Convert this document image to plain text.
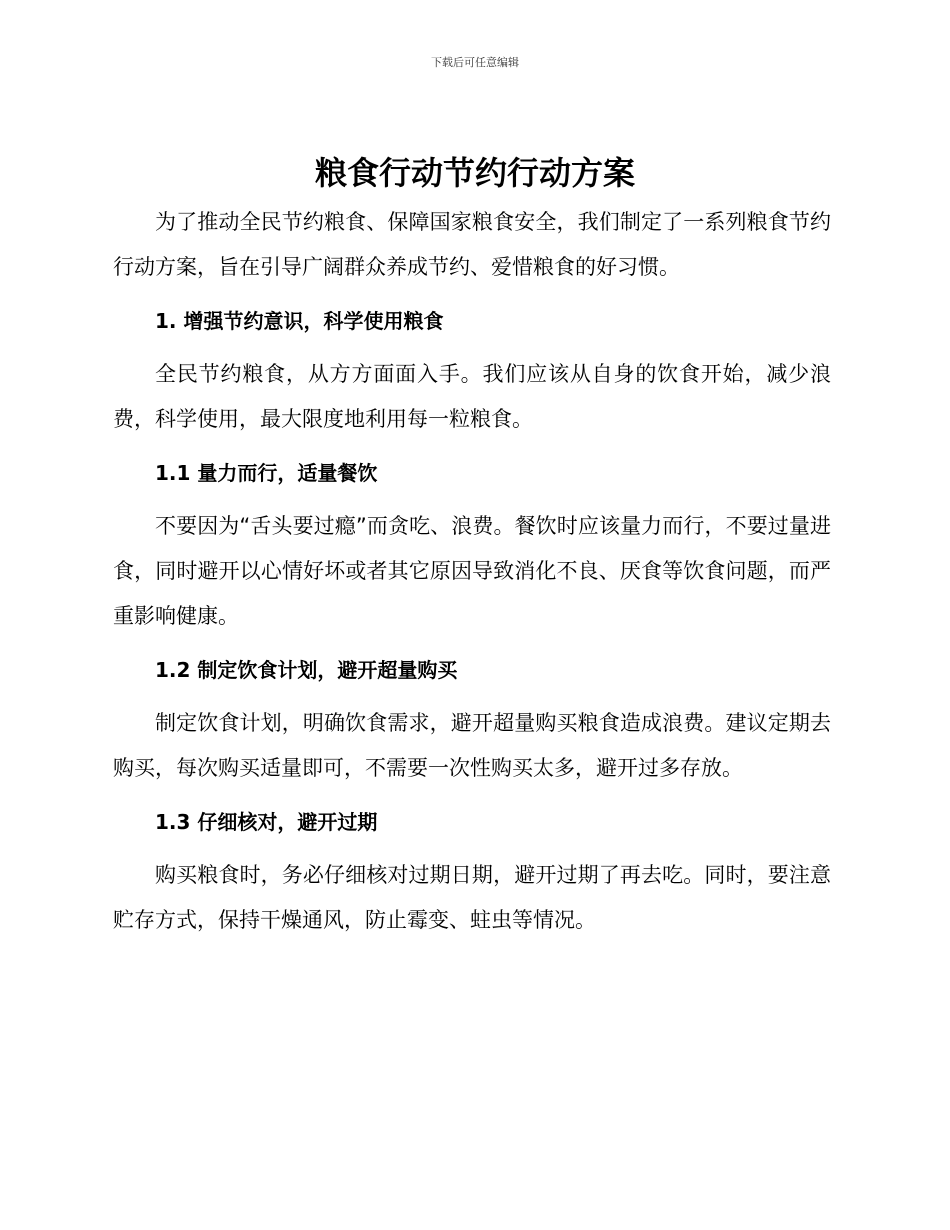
下载后可任意编辑
粮食行动节约行动方案

为了推动全民节约粮食、保障国家粮食安全，我们制定了一系列粮食节约行动方案，旨在引导广阔群众养成节约、爱惜粮食的好习惯。

1. 增强节约意识，科学使用粮食

全民节约粮食，从方方面面入手。我们应该从自身的饮食开始，减少浪费，科学使用，最大限度地利用每一粒粮食。

1.1 量力而行，适量餐饮

不要因为“舌头要过瘾”而贪吃、浪费。餐饮时应该量力而行，不要过量进食，同时避开以心情好坏或者其它原因导致消化不良、厌食等饮食问题，而严重影响健康。

1.2 制定饮食计划，避开超量购买

制定饮食计划，明确饮食需求，避开超量购买粮食造成浪费。建议定期去购买，每次购买适量即可，不需要一次性购买太多，避开过多存放。

1.3 仔细核对，避开过期

购买粮食时，务必仔细核对过期日期，避开过期了再去吃。同时，要注意贮存方式，保持干燥通风，防止霉变、蛀虫等情况。
